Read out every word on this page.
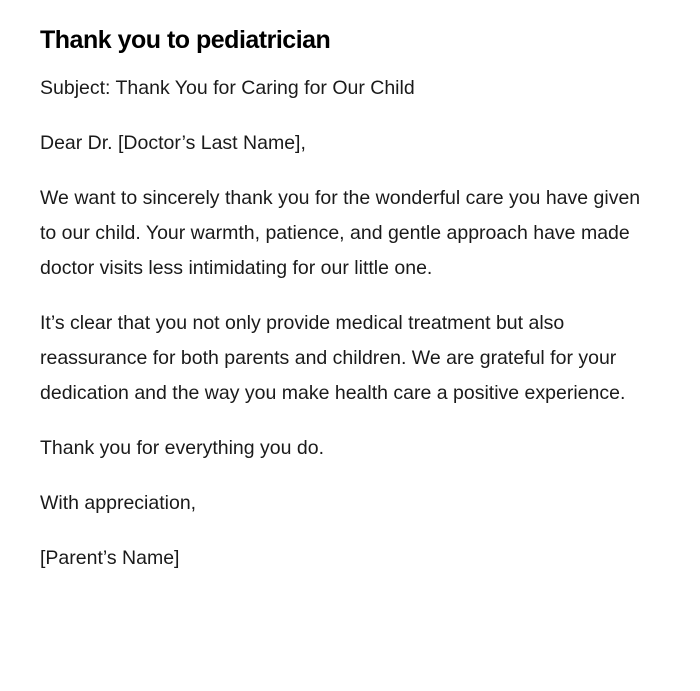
Thank you to pediatrician

Subject: Thank You for Caring for Our Child

Dear Dr. [Doctor’s Last Name],

We want to sincerely thank you for the wonderful care you have given to our child. Your warmth, patience, and gentle approach have made doctor visits less intimidating for our little one.

It’s clear that you not only provide medical treatment but also reassurance for both parents and children. We are grateful for your dedication and the way you make health care a positive experience.

Thank you for everything you do.

With appreciation,

[Parent’s Name]
